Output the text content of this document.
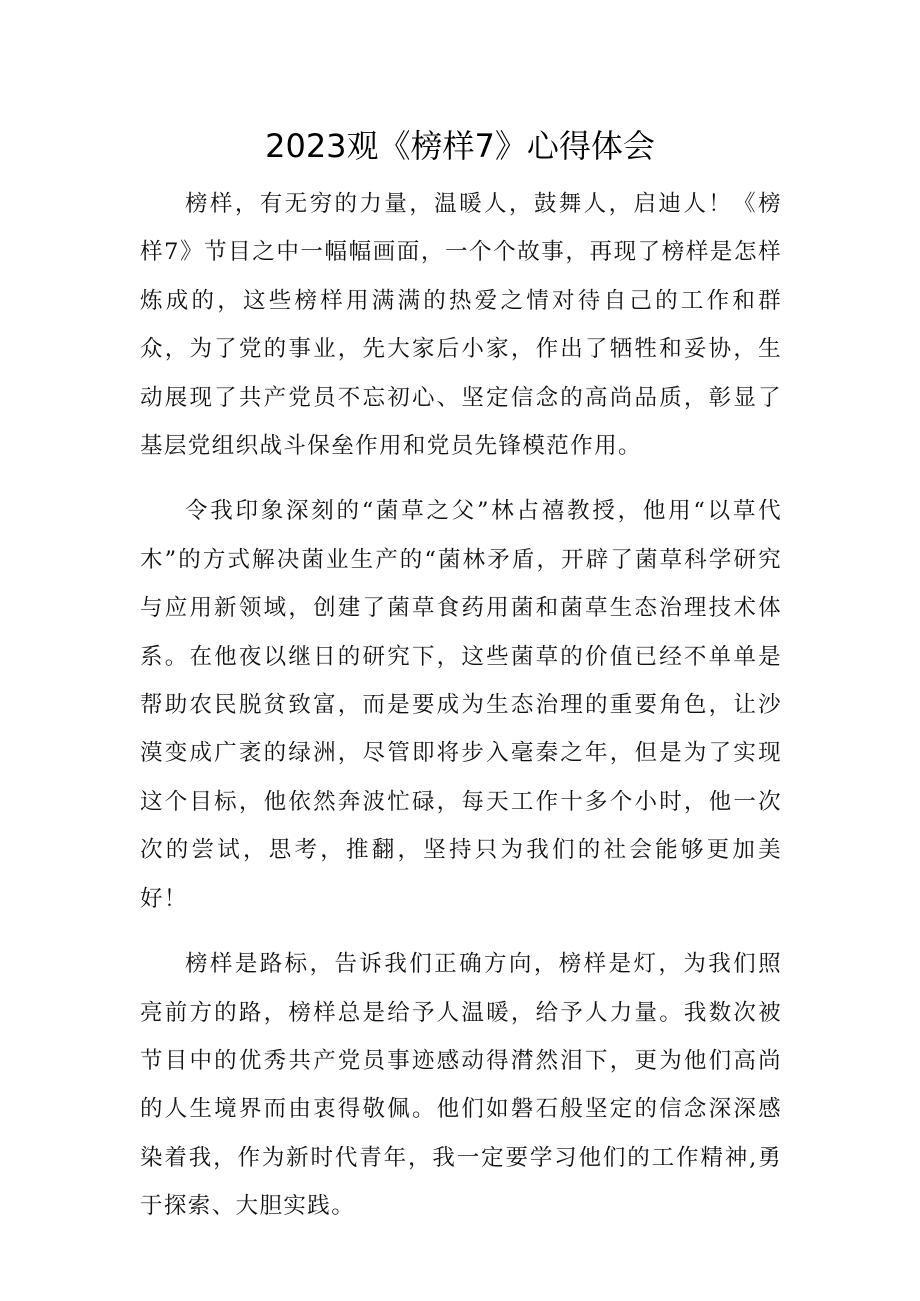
2023观《榜样7》心得体会

榜样，有无穷的力量，温暖人，鼓舞人，启迪人！《榜样7》节目之中一幅幅画面，一个个故事，再现了榜样是怎样炼成的，这些榜样用满满的热爱之情对待自己的工作和群众，为了党的事业，先大家后小家，作出了牺牲和妥协，生动展现了共产党员不忘初心、坚定信念的高尚品质，彰显了基层党组织战斗保垒作用和党员先锋模范作用。

令我印象深刻的“菌草之父”林占禧教授，他用“以草代木”的方式解决菌业生产的“菌林矛盾，开辟了菌草科学研究与应用新领域，创建了菌草食药用菌和菌草生态治理技术体系。在他夜以继日的研究下，这些菌草的价值已经不单单是帮助农民脱贫致富，而是要成为生态治理的重要角色，让沙漠变成广袤的绿洲，尽管即将步入毫秦之年，但是为了实现这个目标，他依然奔波忙碌，每天工作十多个小时，他一次次的尝试，思考，推翻，坚持只为我们的社会能够更加美好！

榜样是路标，告诉我们正确方向，榜样是灯，为我们照亮前方的路，榜样总是给予人温暖，给予人力量。我数次被节目中的优秀共产党员事迹感动得潸然泪下，更为他们高尚的人生境界而由衷得敬佩。他们如磐石般坚定的信念深深感染着我，作为新时代青年，我一定要学习他们的工作精神,勇于探索、大胆实践。
